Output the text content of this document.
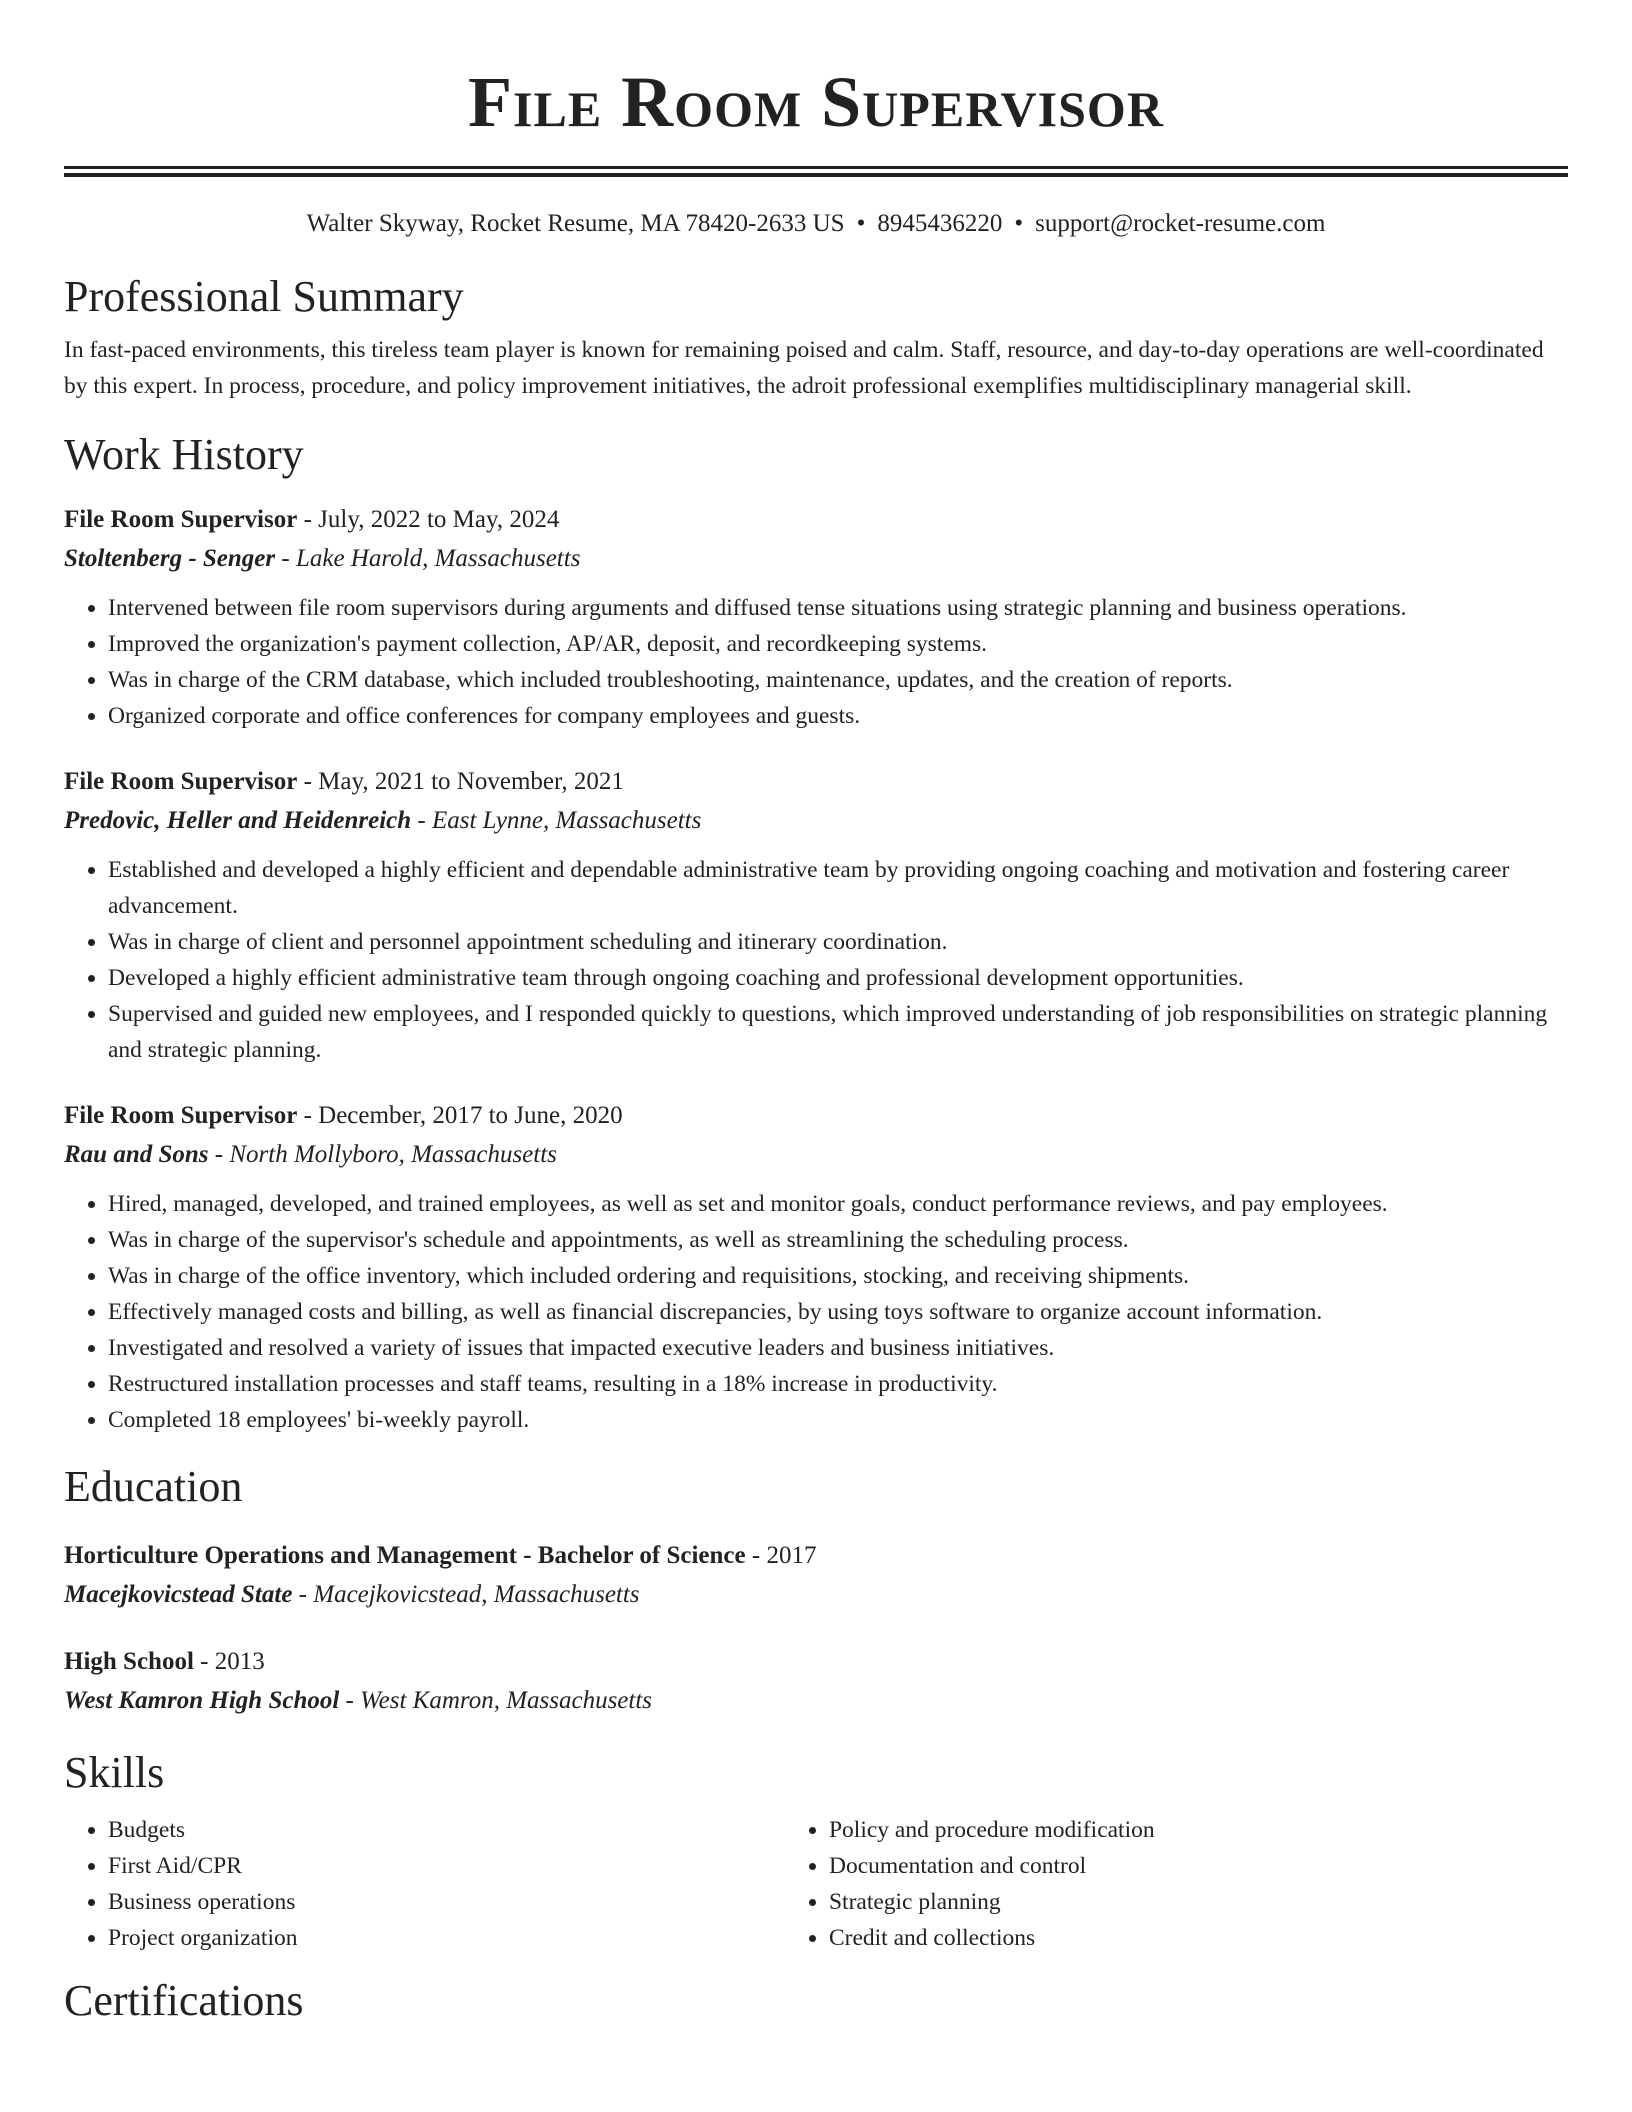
File Room Supervisor
Walter Skyway, Rocket Resume, MA 78420-2633 US • 8945436220 • support@rocket-resume.com
Professional Summary
In fast-paced environments, this tireless team player is known for remaining poised and calm. Staff, resource, and day-to-day operations are well-coordinated by this expert. In process, procedure, and policy improvement initiatives, the adroit professional exemplifies multidisciplinary managerial skill.
Work History
File Room Supervisor - July, 2022 to May, 2024
Stoltenberg - Senger - Lake Harold, Massachusetts
• Intervened between file room supervisors during arguments and diffused tense situations using strategic planning and business operations.
• Improved the organization's payment collection, AP/AR, deposit, and recordkeeping systems.
• Was in charge of the CRM database, which included troubleshooting, maintenance, updates, and the creation of reports.
• Organized corporate and office conferences for company employees and guests.
File Room Supervisor - May, 2021 to November, 2021
Predovic, Heller and Heidenreich - East Lynne, Massachusetts
• Established and developed a highly efficient and dependable administrative team by providing ongoing coaching and motivation and fostering career advancement.
• Was in charge of client and personnel appointment scheduling and itinerary coordination.
• Developed a highly efficient administrative team through ongoing coaching and professional development opportunities.
• Supervised and guided new employees, and I responded quickly to questions, which improved understanding of job responsibilities on strategic planning and strategic planning.
File Room Supervisor - December, 2017 to June, 2020
Rau and Sons - North Mollyboro, Massachusetts
• Hired, managed, developed, and trained employees, as well as set and monitor goals, conduct performance reviews, and pay employees.
• Was in charge of the supervisor's schedule and appointments, as well as streamlining the scheduling process.
• Was in charge of the office inventory, which included ordering and requisitions, stocking, and receiving shipments.
• Effectively managed costs and billing, as well as financial discrepancies, by using toys software to organize account information.
• Investigated and resolved a variety of issues that impacted executive leaders and business initiatives.
• Restructured installation processes and staff teams, resulting in a 18% increase in productivity.
• Completed 18 employees' bi-weekly payroll.
Education
Horticulture Operations and Management - Bachelor of Science - 2017
Macejkovicstead State - Macejkovicstead, Massachusetts
High School - 2013
West Kamron High School - West Kamron, Massachusetts
Skills
• Budgets
• First Aid/CPR
• Business operations
• Project organization
• Policy and procedure modification
• Documentation and control
• Strategic planning
• Credit and collections
Certifications
